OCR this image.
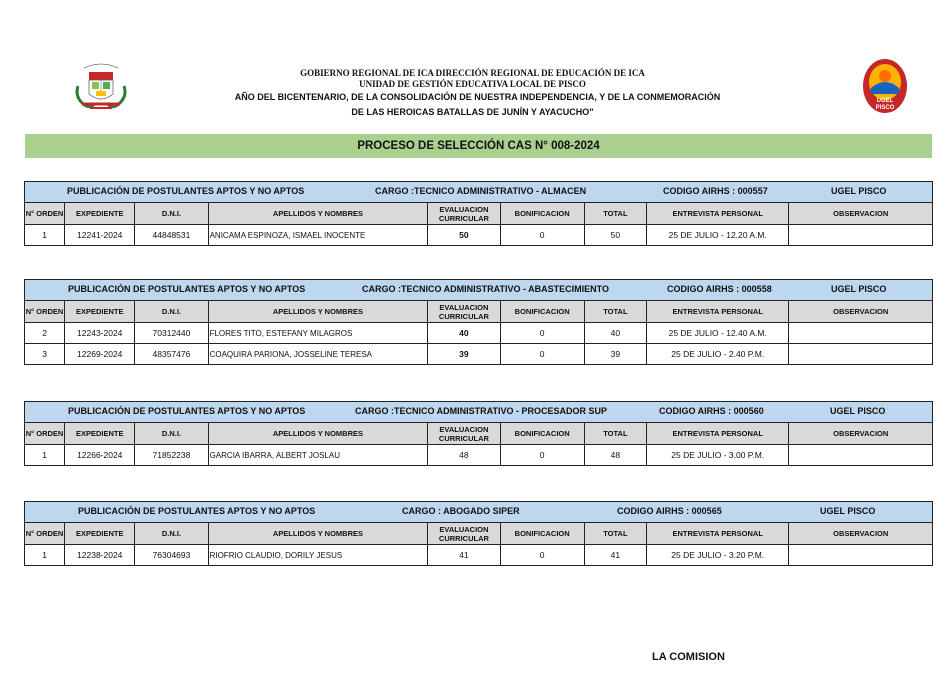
UGEL
PISCO
GOBIERNO REGIONAL DE ICA DIRECCIÓN REGIONAL DE EDUCACIÓN DE ICA
UNIDAD DE GESTIÓN EDUCATIVA LOCAL DE PISCO
AÑO DEL BICENTENARIO, DE LA CONSOLIDACIÓN DE NUESTRA INDEPENDENCIA, Y DE LA CONMEMORACIÓN
DE LAS HEROICAS BATALLAS DE JUNÍN Y AYACUCHO"
PROCESO DE SELECCIÓN CAS N° 008-2024
PUBLICACIÓN DE POSTULANTES APTOS Y NO APTOS CARGO :TECNICO ADMINISTRATIVO - ALMACEN CODIGO AIRHS : 000557 UGEL PISCO								

N° ORDEN	EXPEDIENTE	D.N.I.	APELLIDOS Y NOMBRES	EVALUACION CURRICULAR	BONIFICACION	TOTAL	ENTREVISTA PERSONAL	OBSERVACION
1	12241-2024	44848531	ANICAMA ESPINOZA, ISMAEL INOCENTE	50	0	50	25 DE JULIO - 12.20 A.M.	
PUBLICACIÓN DE POSTULANTES APTOS Y NO APTOS CARGO :TECNICO ADMINISTRATIVO - ABASTECIMIENTO CODIGO AIRHS : 000558 UGEL PISCO								

N° ORDEN	EXPEDIENTE	D.N.I.	APELLIDOS Y NOMBRES	EVALUACION CURRICULAR	BONIFICACION	TOTAL	ENTREVISTA PERSONAL	OBSERVACION
2	12243-2024	70312440	FLORES TITO, ESTEFANY MILAGROS	40	0	40	25 DE JULIO - 12.40 A.M.	
3	12269-2024	48357476	COAQUIRA PARIONA, JOSSELINE TERESA	39	0	39	25 DE JULIO - 2.40 P.M.	
PUBLICACIÓN DE POSTULANTES APTOS Y NO APTOS CARGO :TECNICO ADMINISTRATIVO - PROCESADOR SUP CODIGO AIRHS : 000560 UGEL PISCO								

N° ORDEN	EXPEDIENTE	D.N.I.	APELLIDOS Y NOMBRES	EVALUACION CURRICULAR	BONIFICACION	TOTAL	ENTREVISTA PERSONAL	OBSERVACION
1	12266-2024	71852238	GARCIA IBARRA, ALBERT JOSLAU	48	0	48	25 DE JULIO - 3.00 P.M.	
PUBLICACIÓN DE POSTULANTES APTOS Y NO APTOS CARGO : ABOGADO SIPER CODIGO AIRHS : 000565 UGEL PISCO								

N° ORDEN	EXPEDIENTE	D.N.I.	APELLIDOS Y NOMBRES	EVALUACION CURRICULAR	BONIFICACION	TOTAL	ENTREVISTA PERSONAL	OBSERVACION
1	12238-2024	76304693	RIOFRIO CLAUDIO, DORILY JESUS	41	0	41	25 DE JULIO - 3.20 P.M.	
LA COMISION
